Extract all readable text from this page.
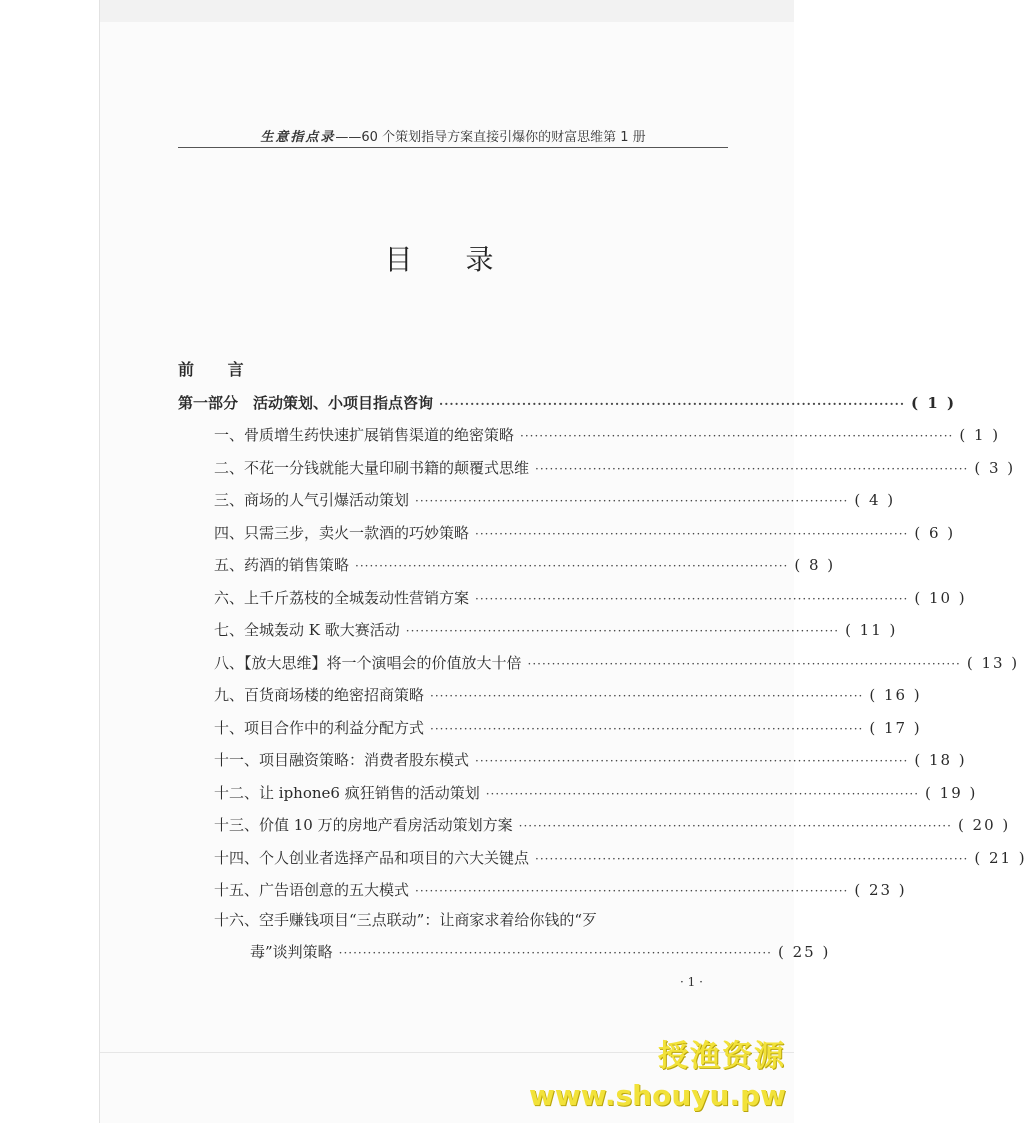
生意指点录——60 个策划指导方案直接引爆你的财富思维第 1 册
目 录
前 言
第一部分　活动策划、小项目指点咨询 ·························································································· ( 1 )
一、骨质增生药快速扩展销售渠道的绝密策略 ·························································································· ( 1 )
二、不花一分钱就能大量印刷书籍的颠覆式思维 ·························································································· ( 3 )
三、商场的人气引爆活动策划 ·························································································· ( 4 )
四、只需三步，卖火一款酒的巧妙策略 ·························································································· ( 6 )
五、药酒的销售策略 ·························································································· ( 8 )
六、上千斤荔枝的全城轰动性营销方案 ·························································································· ( 10 )
七、全城轰动 K 歌大赛活动 ·························································································· ( 11 )
八、【放大思维】将一个演唱会的价值放大十倍 ·························································································· ( 13 )
九、百货商场楼的绝密招商策略 ·························································································· ( 16 )
十、项目合作中的利益分配方式 ·························································································· ( 17 )
十一、项目融资策略：消费者股东模式 ·························································································· ( 18 )
十二、让 iphone6 疯狂销售的活动策划 ·························································································· ( 19 )
十三、价值 10 万的房地产看房活动策划方案 ·························································································· ( 20 )
十四、个人创业者选择产品和项目的六大关键点 ·························································································· ( 21 )
十五、广告语创意的五大模式 ·························································································· ( 23 )
十六、空手赚钱项目“三点联动”：让商家求着给你钱的“歹
毒”谈判策略 ·························································································· ( 25 )
· 1 ·
授渔资源
www.shouyu.pw
